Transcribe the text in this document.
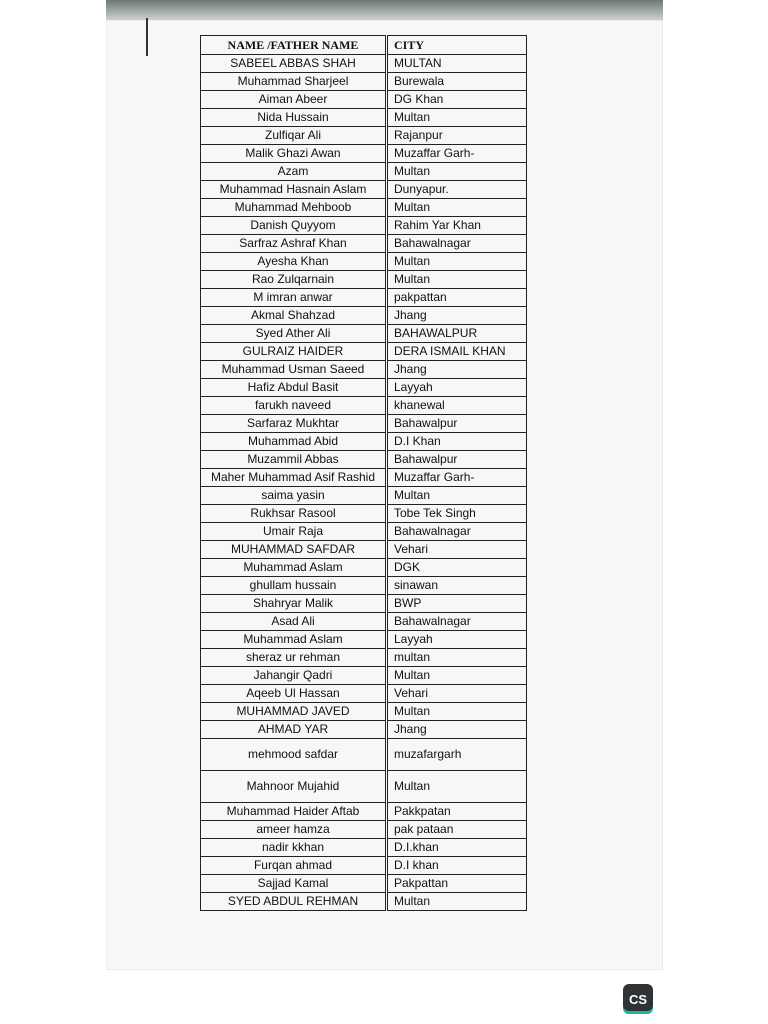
NAME /FATHER NAME	CITY
SABEEL ABBAS SHAH	MULTAN
Muhammad Sharjeel	Burewala
Aiman Abeer	DG Khan
Nida Hussain	Multan
Zulfiqar Ali	Rajanpur
Malik Ghazi Awan	Muzaffar Garh-
Azam	Multan
Muhammad Hasnain Aslam	Dunyapur.
Muhammad Mehboob	Multan
Danish Quyyom	Rahim Yar Khan
Sarfraz Ashraf Khan	Bahawalnagar
Ayesha Khan	Multan
Rao Zulqarnain	Multan
M imran anwar	pakpattan
Akmal Shahzad	Jhang
Syed Ather Ali	BAHAWALPUR
GULRAIZ HAIDER	DERA ISMAIL KHAN
Muhammad Usman Saeed	Jhang
Hafiz Abdul Basit	Layyah
farukh naveed	khanewal
Sarfaraz Mukhtar	Bahawalpur
Muhammad Abid	D.I Khan
Muzammil Abbas	Bahawalpur
Maher Muhammad Asif Rashid	Muzaffar Garh-
saima yasin	Multan
Rukhsar Rasool	Tobe Tek Singh
Umair Raja	Bahawalnagar
MUHAMMAD SAFDAR	Vehari
Muhammad Aslam	DGK
ghullam hussain	sinawan
Shahryar Malik	BWP
Asad Ali	Bahawalnagar
Muhammad Aslam	Layyah
sheraz ur rehman	multan
Jahangir Qadri	Multan
Aqeeb Ul Hassan	Vehari
MUHAMMAD JAVED	Multan
AHMAD YAR	Jhang
mehmood safdar	muzafargarh
Mahnoor Mujahid	Multan
Muhammad Haider Aftab	Pakkpatan
ameer hamza	pak pataan
nadir kkhan	D.I.khan
Furqan ahmad	D.I khan
Sajjad Kamal	Pakpattan
SYED ABDUL REHMAN	Multan
CS
